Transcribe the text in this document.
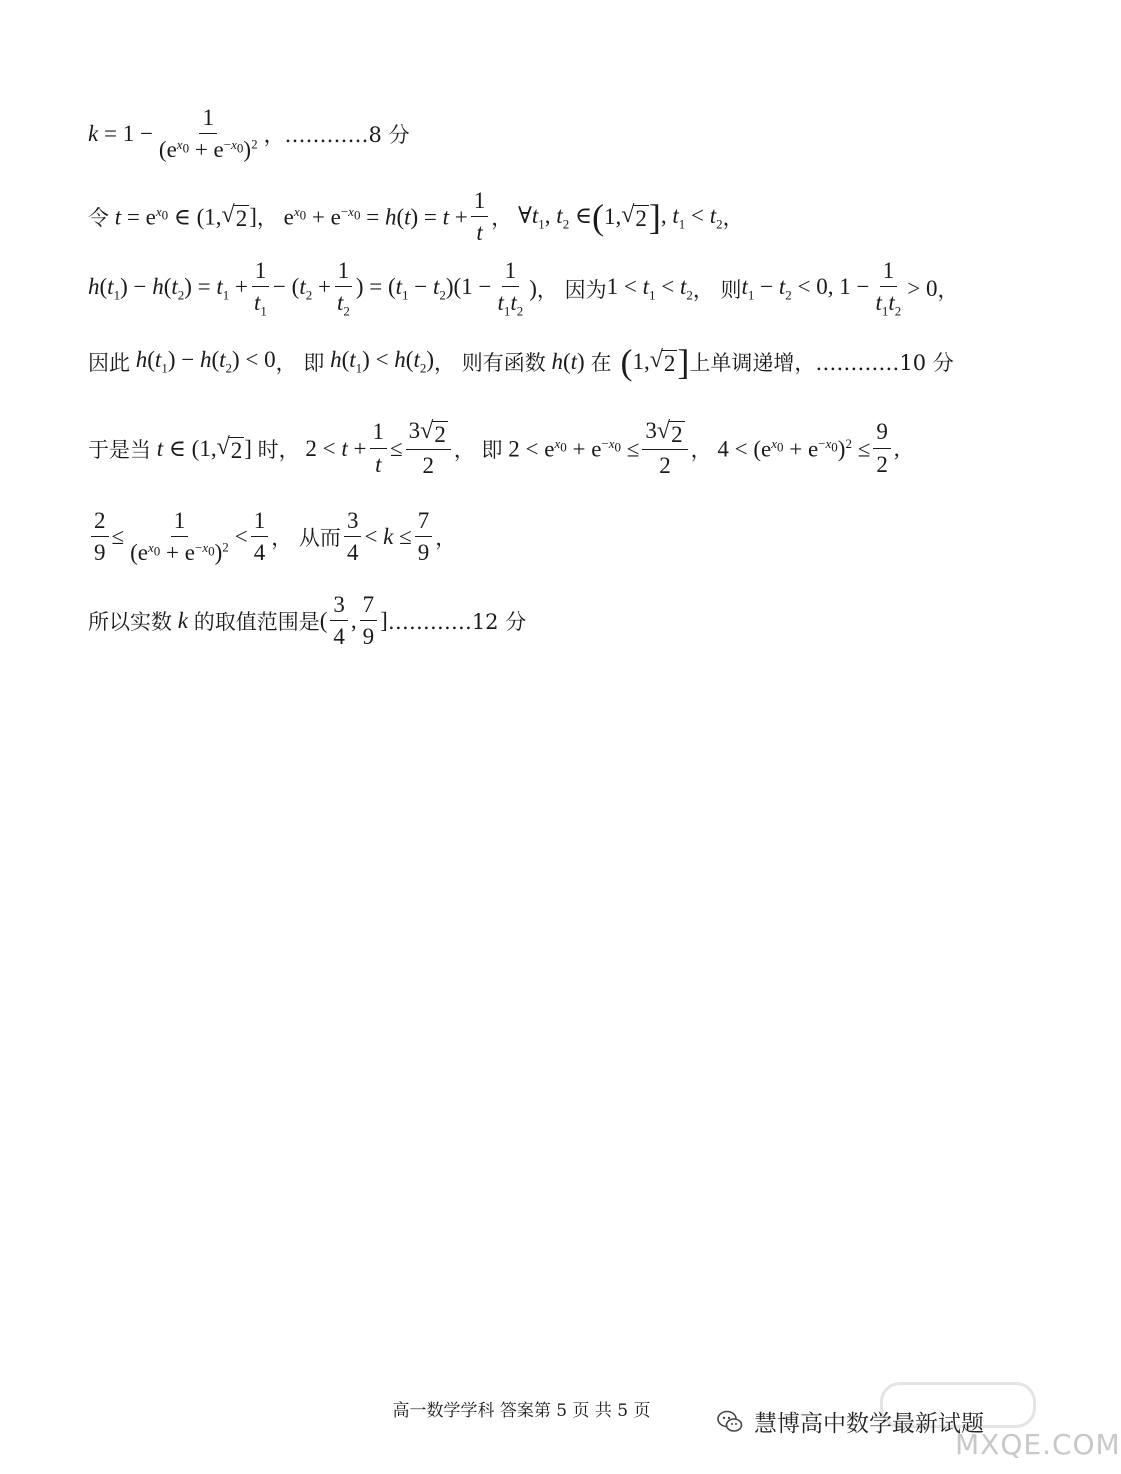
$k = 1 - \frac{1}{(e^{x_0} + e^{-x_0})^2}$ ，…………8 分
令 $t = e^{x_0}$ ∈ (1, √ 2 ] ， $e^{x_0} + e^{-x_0} = h(t) = t + \frac{1}{t}$ ， $\forall t_1$, $t_2$ ∈ ( 1, √ 2 ] , $t_1 < t_2$ ，
$h(t_1) - h(t_2) = t_1 + \frac{1}{t_1} - (t_2 + \frac{1}{t_2}$ ) = $(t_1 - t_2)(1 - \frac{1}{t_1t_2}$ ) ， 因为 $1 < t_1 < t_2$ ， 则 $t_1 - t_2 < 0$, $1 - \frac{1}{t_1t_2} > 0$ ，
因此 $h(t_1) - h(t_2) < 0$ ， 即 $h(t_1) < h(t_2)$ ， 则有函数 h(t) 在 ( 1, √ 2 ] 上单调递增， …………10 分
于是当 t ∈ (1, √ 2 ] 时， $2 < t + \frac{1}{t} \le \frac{3 √ 2}{2}$ ， 即 $2 < e^{x_0} + e^{-x_0} \le \frac{3 √ 2}{2}$ ， $4 < (e^{x_0} + e^{-x_0})^2 \le \frac{9}{2}$ ,
$\frac{2}{9} \le \frac{1}{(e^{x_0} + e^{-x_0})^2} < \frac{1}{4}$ ， 从而 $\frac{3}{4} < k \le \frac{7}{9}$ ，
所以实数 k 的取值范围是 ( $\frac{3}{4}$ , $\frac{7}{9}$ ] …………12 分
高一数学学科 答案第 5 页 共 5 页	慧博高中数学最新试题
MXQE.COM
